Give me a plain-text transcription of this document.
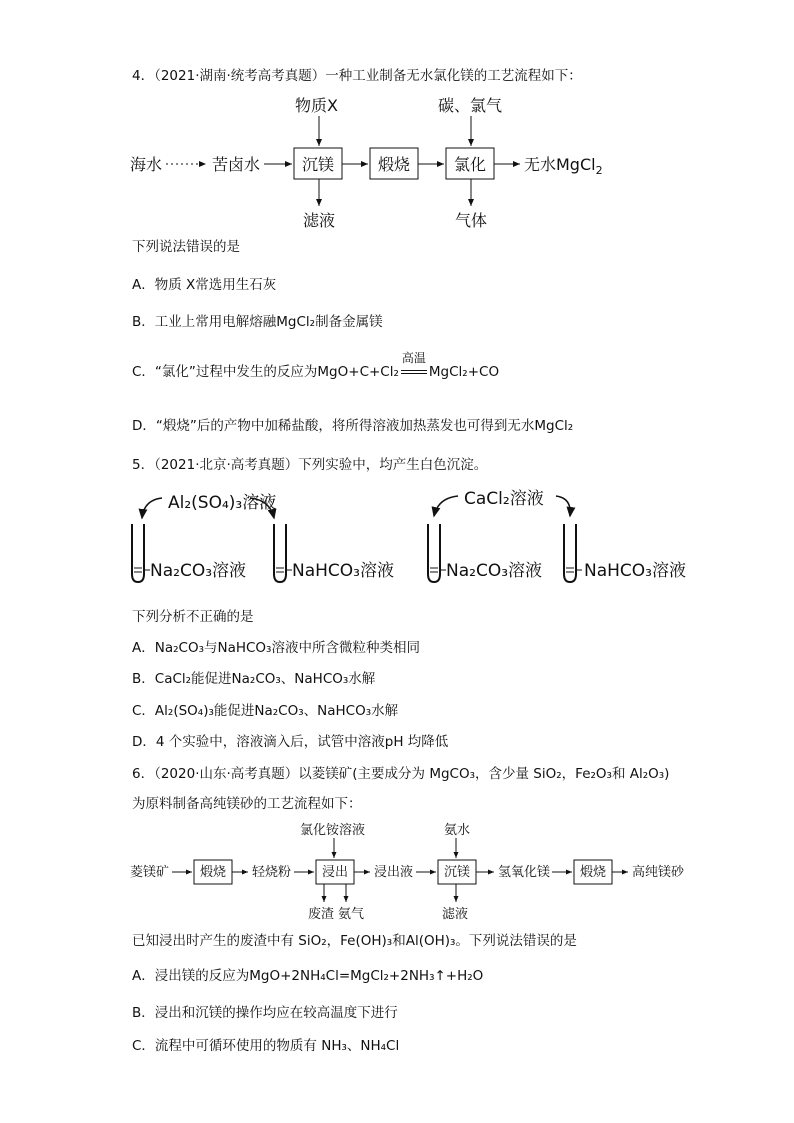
4．（2021·湖南·统考高考真题）一种工业制备无水氯化镁的工艺流程如下：
物质X	碳、氯气
海水	苦卤水	沉镁	煅烧	氯化 无水MgCl$_2$
滤液	气体
下列说法错误的是
A．物质 X常选用生石灰
B．工业上常用电解熔融MgCl₂制备金属镁
C．“氯化”过程中发生的反应为MgO+C+Cl₂
高温
MgCl₂+CO
D．“煅烧”后的产物中加稀盐酸，将所得溶液加热蒸发也可得到无水MgCl₂
5．（2021·北京·高考真题）下列实验中，均产生白色沉淀。
Al₂(SO₄)₃溶液	CaCl₂溶液
Na₂CO₃溶液	NaHCO₃溶液	Na₂CO₃溶液 NaHCO₃溶液
下列分析不正确的是
A．Na₂CO₃与NaHCO₃溶液中所含微粒种类相同
B．CaCl₂能促进Na₂CO₃、NaHCO₃水解
C．Al₂(SO₄)₃能促进Na₂CO₃、NaHCO₃水解
D．4 个实验中，溶液滴入后，试管中溶液pH 均降低
6．（2020·山东·高考真题）以菱镁矿(主要成分为 MgCO₃，含少量 SiO₂，Fe₂O₃和 Al₂O₃)
为原料制备高纯镁砂的工艺流程如下：
氯化铵溶液	氨水
菱镁矿 煅烧 轻烧粉 浸出 浸出液 沉镁 氢氧化镁 煅烧 高纯镁砂
废渣 氨气	滤液
已知浸出时产生的废渣中有 SiO₂，Fe(OH)₃和Al(OH)₃。下列说法错误的是
A．浸出镁的反应为MgO+2NH₄Cl=MgCl₂+2NH₃↑+H₂O
B．浸出和沉镁的操作均应在较高温度下进行
C．流程中可循环使用的物质有 NH₃、NH₄Cl
